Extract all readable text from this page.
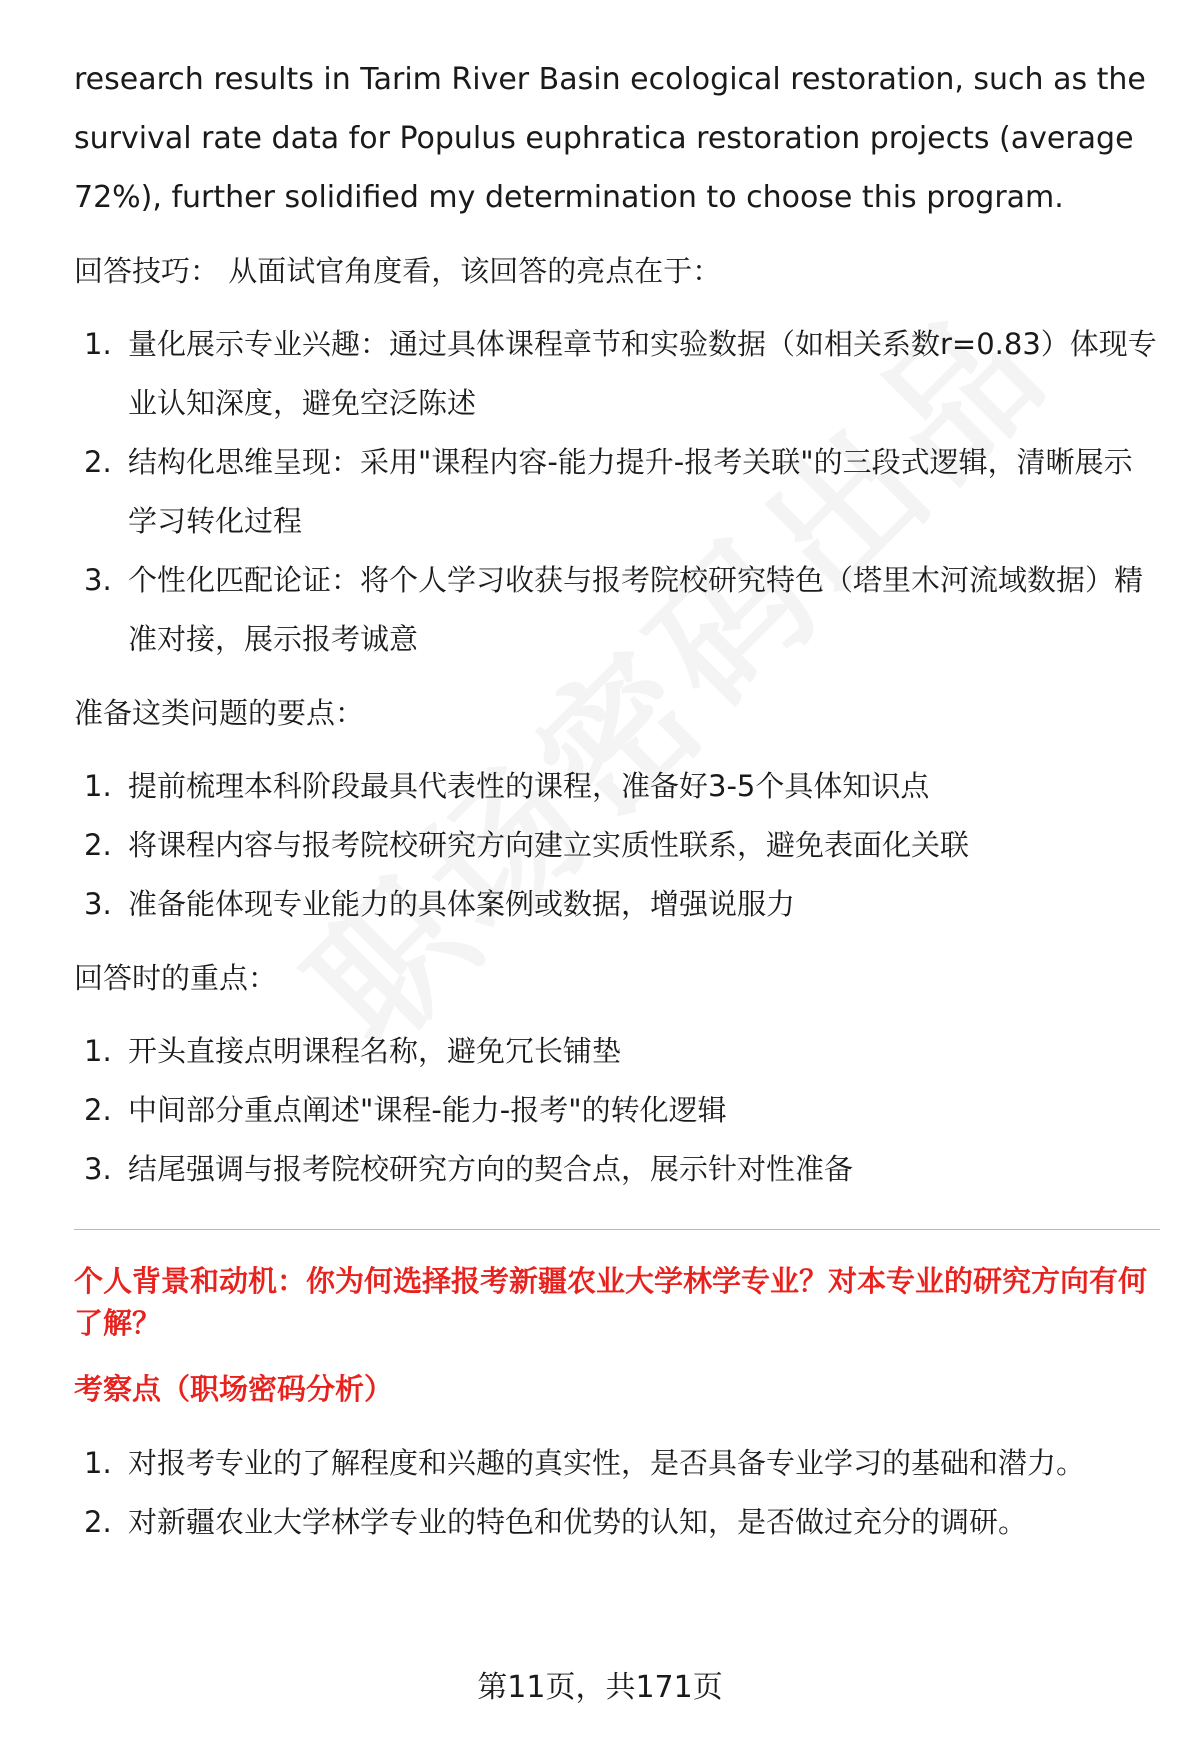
research results in Tarim River Basin ecological restoration, such as the survival rate data for Populus euphratica restoration projects (average 72%), further solidified my determination to choose this program.

回答技巧： 从面试官角度看，该回答的亮点在于：

1. 量化展示专业兴趣：通过具体课程章节和实验数据（如相关系数r=0.83）体现专业认知深度，避免空泛陈述
2. 结构化思维呈现：采用"课程内容-能力提升-报考关联"的三段式逻辑，清晰展示学习转化过程
3. 个性化匹配论证：将个人学习收获与报考院校研究特色（塔里木河流域数据）精准对接，展示报考诚意

准备这类问题的要点：

1. 提前梳理本科阶段最具代表性的课程，准备好3-5个具体知识点
2. 将课程内容与报考院校研究方向建立实质性联系，避免表面化关联
3. 准备能体现专业能力的具体案例或数据，增强说服力

回答时的重点：

1. 开头直接点明课程名称，避免冗长铺垫
2. 中间部分重点阐述"课程-能力-报考"的转化逻辑
3. 结尾强调与报考院校研究方向的契合点，展示针对性准备

个人背景和动机：你为何选择报考新疆农业大学林学专业？对本专业的研究方向有何了解？

考察点（职场密码分析）

1. 对报考专业的了解程度和兴趣的真实性，是否具备专业学习的基础和潜力。
2. 对新疆农业大学林学专业的特色和优势的认知，是否做过充分的调研。
第11页，共171页
